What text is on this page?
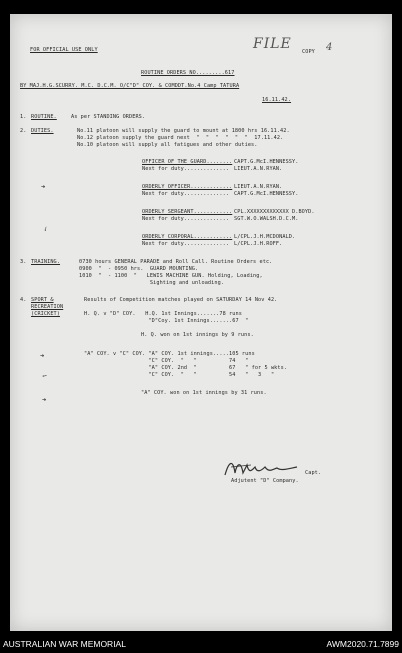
FOR OFFICIAL USE ONLY	FILE COPY 4
ROUTINE ORDERS NO.........617
BY MAJ.H.G.SCURRY. M.C. D.C.M. O/C"D" COY. & COMDDT.No.4 Camp TATURA
16.11.42.
1. ROUTINE.	As per STANDING ORDERS.
2. DUTIES.	No.11 platoon will supply the guard to mount at 1800 hrs 16.11.42.
No.12 platoon supply the guard next  "  "  "  "  "  "  17.11.42.
No.10 platoon will supply all fatigues and other duties.
OFFICER OF THE GUARD........ CAPT.G.McI.HENNESSY.
Next for duty.............. LIEUT.A.N.RYAN.
ORDERLY OFFICER............. LIEUT.A.N.RYAN.
Next for duty.............. CAPT.G.McI.HENNESSY.
ORDERLY SERGEANT............ CPL.XXXXXXXXXXXXX D.BOYD.
Next for duty.............. SGT.W.O.WALSH.D.C.M.
ORDERLY CORPORAL............ L/CPL.J.H.MCDONALD.
Next for duty.............. L/CPL.J.H.ROFF.
3. TRAINING.	0730 hours GENERAL PARADE and Roll Call. Routine Orders etc.
0900  "  - 0950 hrs.  GUARD MOUNTING.
1010  "  - 1100  "   LEWIS MACHINE GUN. Holding, Loading,
Sighting and unloading.
4. SPORT &
RECREATION
(CRICKET)
Results of Competition matches played on SATURDAY 14 Nov 42.
H. Q. v "D" COY.   H.Q. 1st Innings.......78 runs
"D"Coy. 1st Innings.......67  "
H. Q. won on 1st innings by 9 runs.
"A" COY. v "C" COY. "A" COY. 1st innings.....105 runs
"C" COY.  "   "          74   "
"A" COY. 2nd  "          67   " for 5 wkts.
"C" COY.  "   "          54   "   3   "
"A" COY. won on 1st innings by 31 runs.
➜
✓
➜
✓
➜
Capt.
Adjutent "D" Company.
AUSTRALIAN WAR MEMORIAL	AWM2020.71.7899
